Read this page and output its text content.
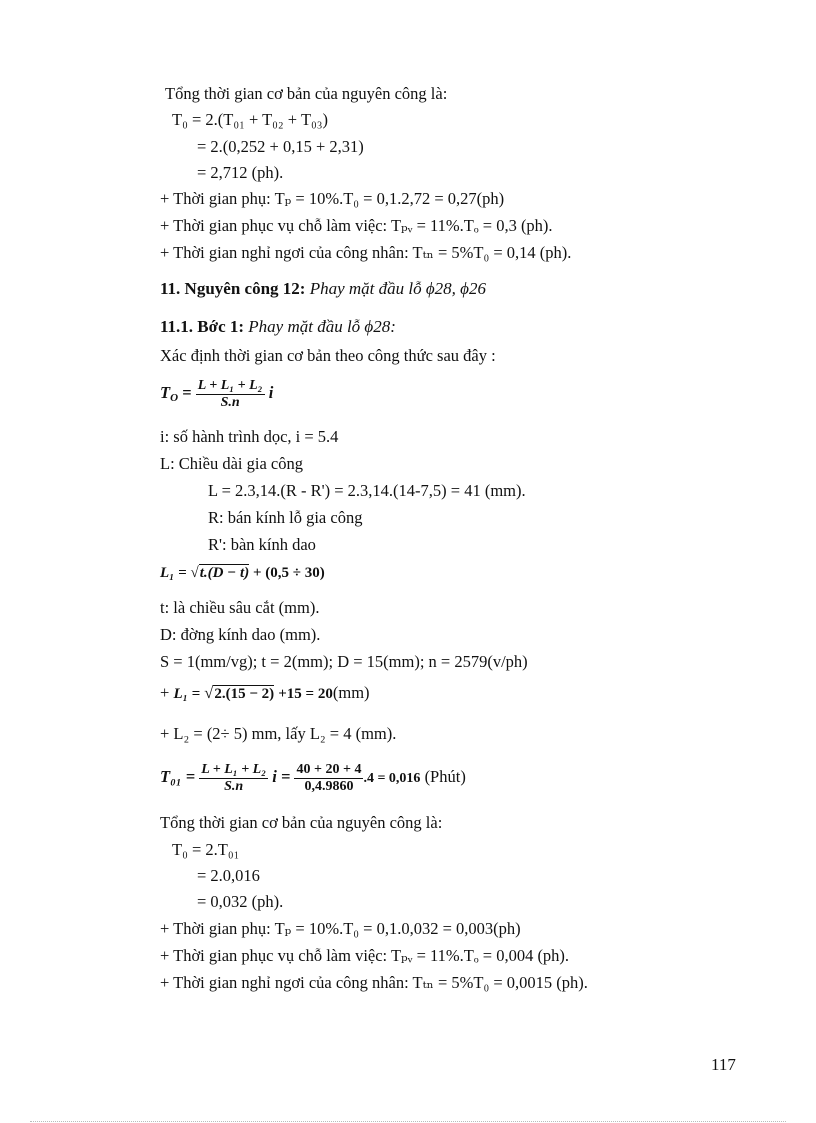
Tổng thời gian cơ bản của nguyên công là:
T₀ = 2.(T₀₁ + T₀₂ + T₀₃)
= 2.(0,252 + 0,15 + 2,31)
= 2,712 (ph).
+ Thời gian phụ: Tₚ = 10%.T₀ = 0,1.2,72 = 0,27(ph)
+ Thời gian phục vụ chỗ làm việc: Tₚᵥ = 11%.Tₒ = 0,3 (ph).
+ Thời gian nghỉ ngơi của công nhân: Tₜₙ = 5%T₀ = 0,14 (ph).
11. Nguyên công 12: Phay mặt đầu lỗ ϕ28, ϕ26
11.1. Bớc 1: Phay mặt đầu lỗ ϕ28:
Xác định thời gian cơ bản theo công thức sau đây :
$T_O = \frac{\text{L + L₁ + L₂}}{S.n}$ i
i: số hành trình dọc, i = 5.4
L: Chiều dài gia công
L = 2.3,14.(R - R') = 2.3,14.(14-7,5) = 41 (mm).
R: bán kính lỗ gia công
R': bàn kính dao
L₁ = √t.(D − t) + (0,5 ÷ 30)
t: là chiều sâu cắt (mm).
D: đờng kính dao (mm).
S = 1(mm/vg); t = 2(mm); D = 15(mm); n = 2579(v/ph)
+ L₁ = √2.(15 − 2) +15 = 20(mm)
+ L₂ = (2÷ 5) mm, lấy L₂ = 4 (mm).
$T_{01} = \frac{\text{L + L₁ + L₂}}{S.n}$ $i = \frac{40 + 20 + 4}{0,4.9860} .4 = 0,016$ (Phút)
Tổng thời gian cơ bản của nguyên công là:
T₀ = 2.T₀₁
= 2.0,016
= 0,032 (ph).
+ Thời gian phụ: Tₚ = 10%.T₀ = 0,1.0,032 = 0,003(ph)
+ Thời gian phục vụ chỗ làm việc: Tₚᵥ = 11%.Tₒ = 0,004 (ph).
+ Thời gian nghỉ ngơi của công nhân: Tₜₙ = 5%T₀ = 0,0015 (ph).
117
